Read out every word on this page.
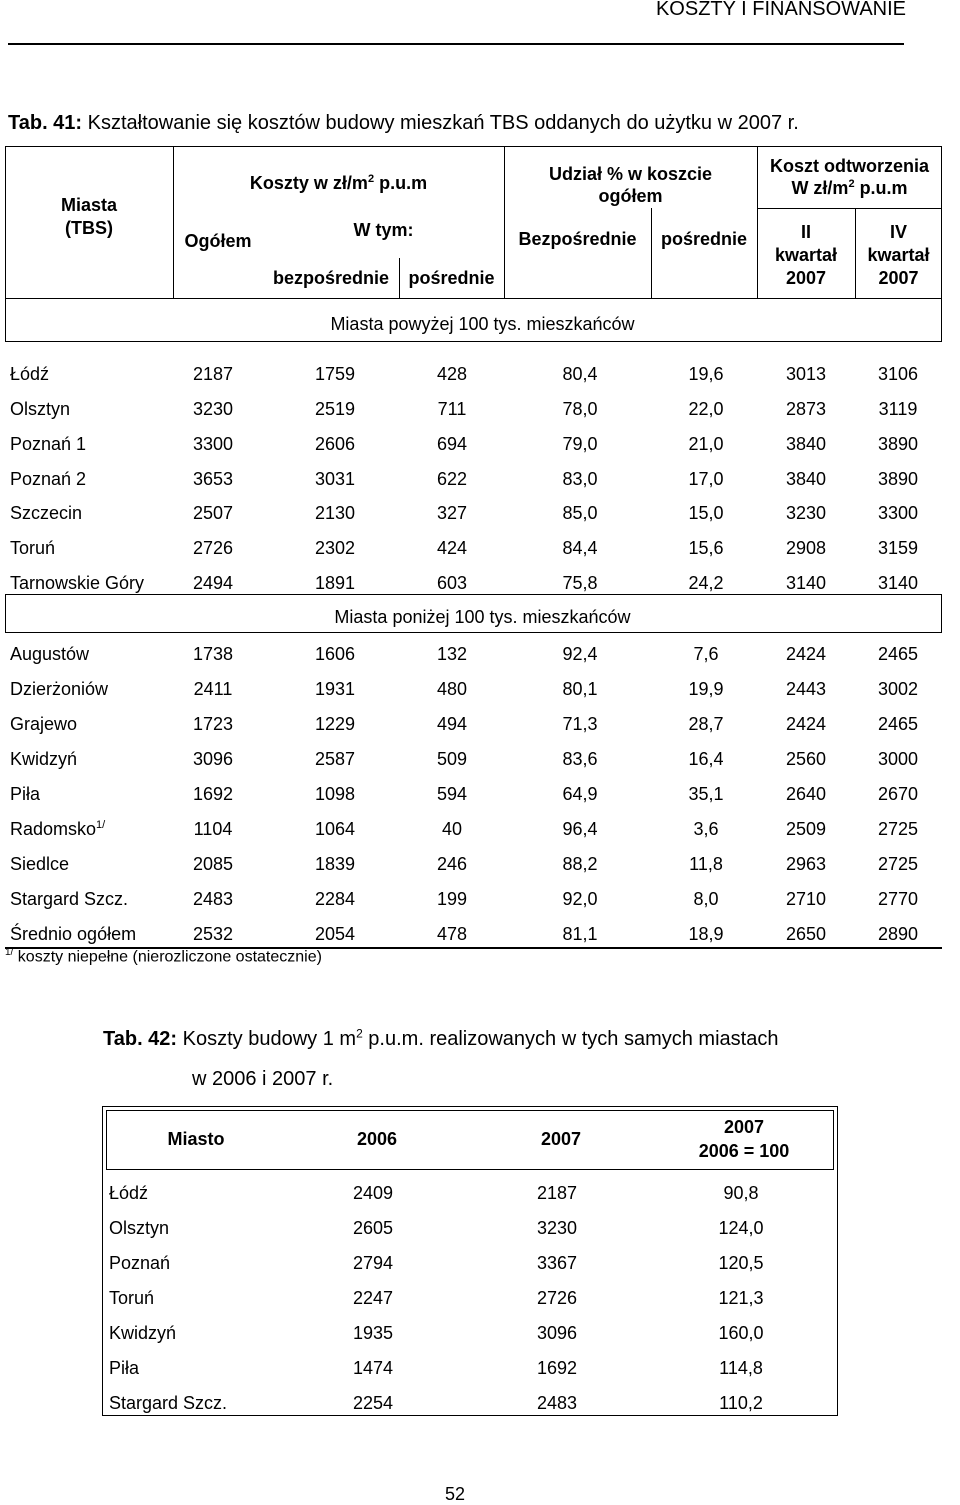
KOSZTY I FINANSOWANIE
Tab. 41: Kształtowanie się kosztów budowy mieszkań TBS oddanych do użytku w 2007 r.
Miasta
(TBS)
Koszty w $zł/m^2$ p.u.m
Ogółem
W tym:
bezpośrednie	pośrednie
Udział % w koszcie
ogółem
Bezpośrednie	pośrednie
Koszt odtworzenia
W $zł/m^2$ p.u.m
II
kwartał
2007
IV
kwartał
2007
Miasta powyżej 100 tys. mieszkańców
Miasta poniżej 100 tys. mieszkańców
Łódź	2187	1759	428	80,4	19,6	3013	3106
Olsztyn	3230	2519	711	78,0	22,0	2873	3119
Poznań 1	3300	2606	694	79,0	21,0	3840	3890
Poznań 2	3653	3031	622	83,0	17,0	3840	3890
Szczecin	2507	2130	327	85,0	15,0	3230	3300
Toruń	2726	2302	424	84,4	15,6	2908	3159
Tarnowskie Góry	2494	1891	603	75,8	24,2	3140	3140
Augustów	1738	1606	132	92,4	7,6	2424	2465
Dzierżoniów	2411	1931	480	80,1	19,9	2443	3002
Grajewo	1723	1229	494	71,3	28,7	2424	2465
Kwidzyń	3096	2587	509	83,6	16,4	2560	3000
Piła	1692	1098	594	64,9	35,1	2640	2670
Radomsko$^{1/}$	1104	1064	40	96,4	3,6	2509	2725
Siedlce	2085	1839	246	88,2	11,8	2963	2725
Stargard Szcz.	2483	2284	199	92,0	8,0	2710	2770
Średnio ogółem	2532	2054	478	81,1	18,9	2650	2890
$^{1/}$ koszty niepełne (nierozliczone ostatecznie)
Tab. 42: Koszty budowy 1 $m^2$ p.u.m. realizowanych w tych samych miastach
w 2006 i 2007 r.
Miasto	2006	2007
2007
2006 = 100
Łódź	2409	2187	90,8
Olsztyn	2605	3230	124,0
Poznań	2794	3367	120,5
Toruń	2247	2726	121,3
Kwidzyń	1935	3096	160,0
Piła	1474	1692	114,8
Stargard Szcz.	2254	2483	110,2
52
